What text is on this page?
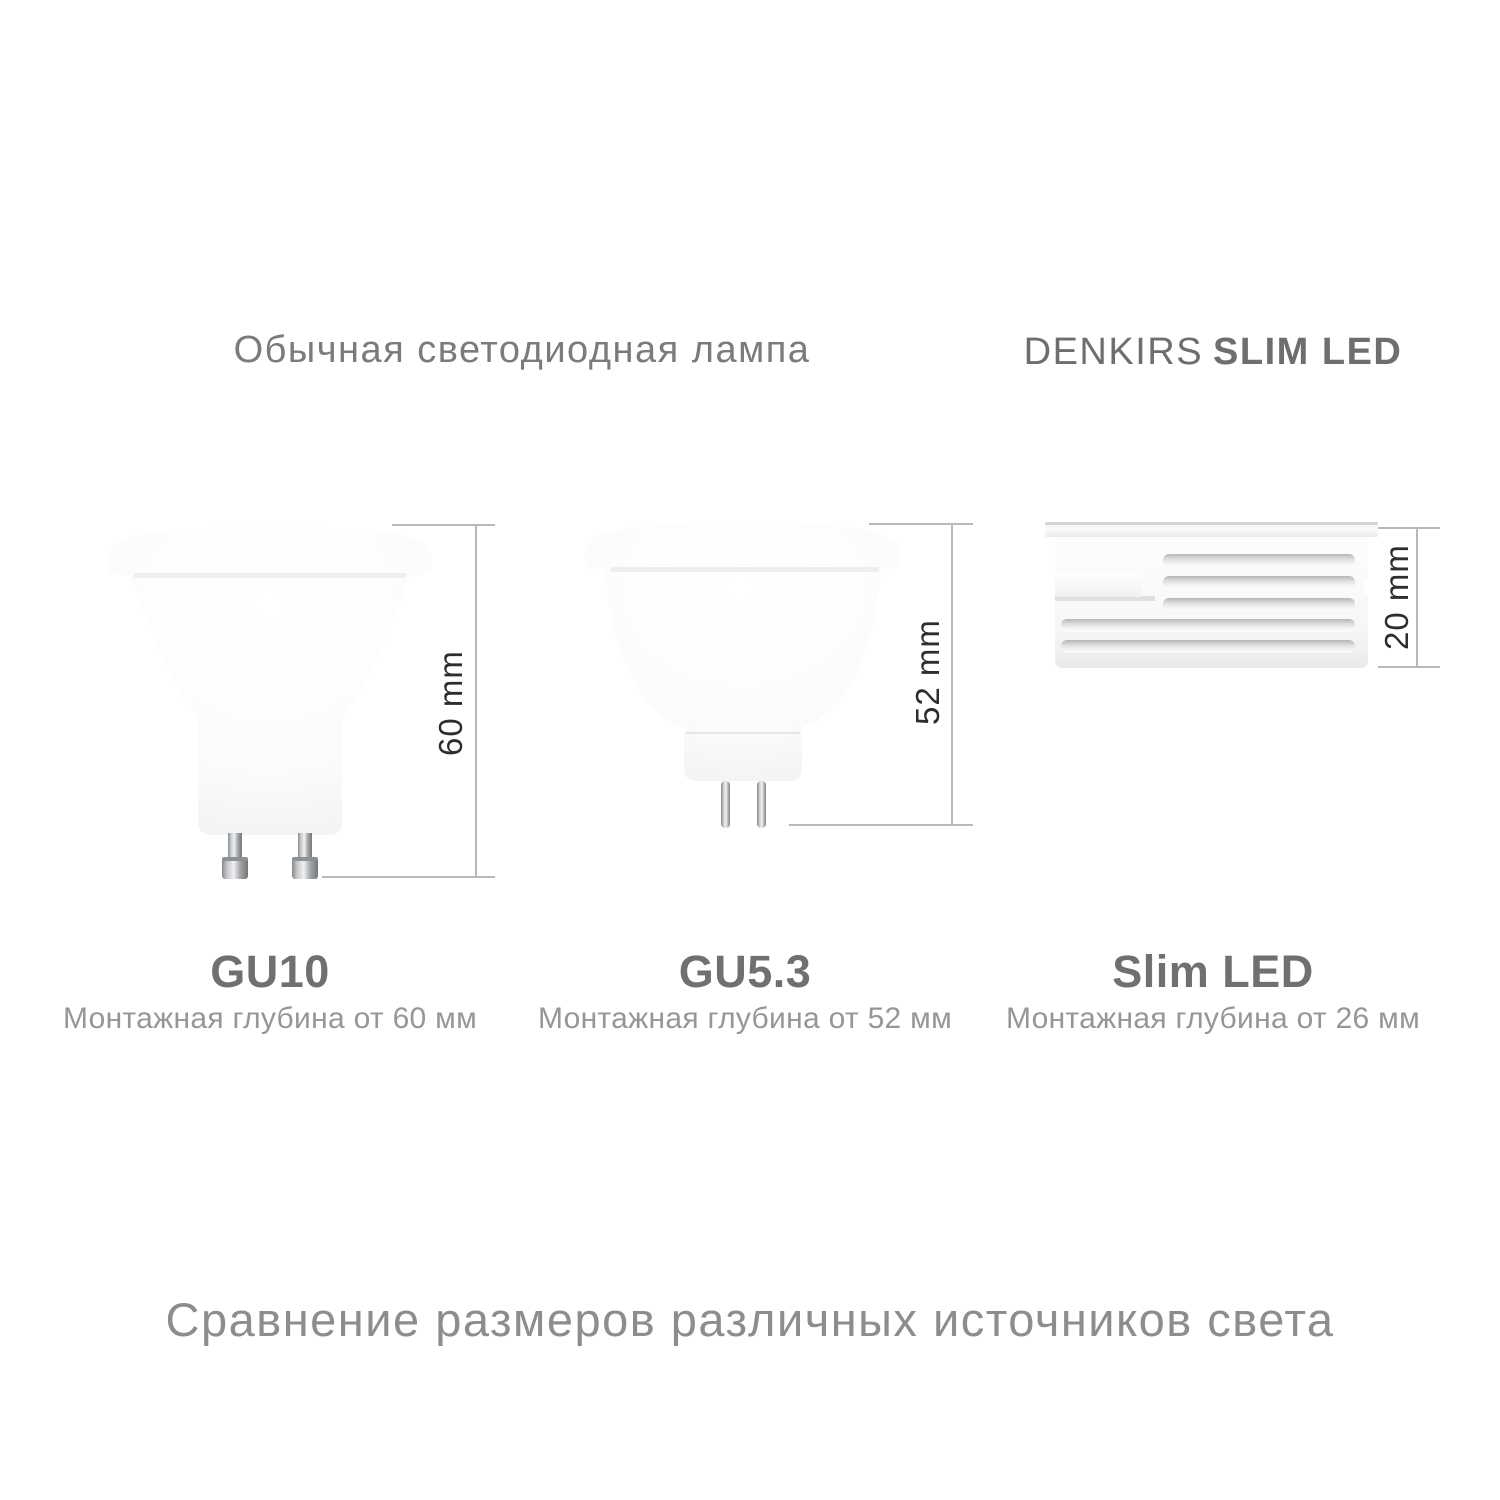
Обычная светодиодная лампа	DENKIRS SLIM LED
60 mm	52 mm
20 mm
GU10
Монтажная глубина от 60 мм
GU5.3
Монтажная глубина от 52 мм
Slim LED
Монтажная глубина от 26 мм
Сравнение размеров различных источников света
